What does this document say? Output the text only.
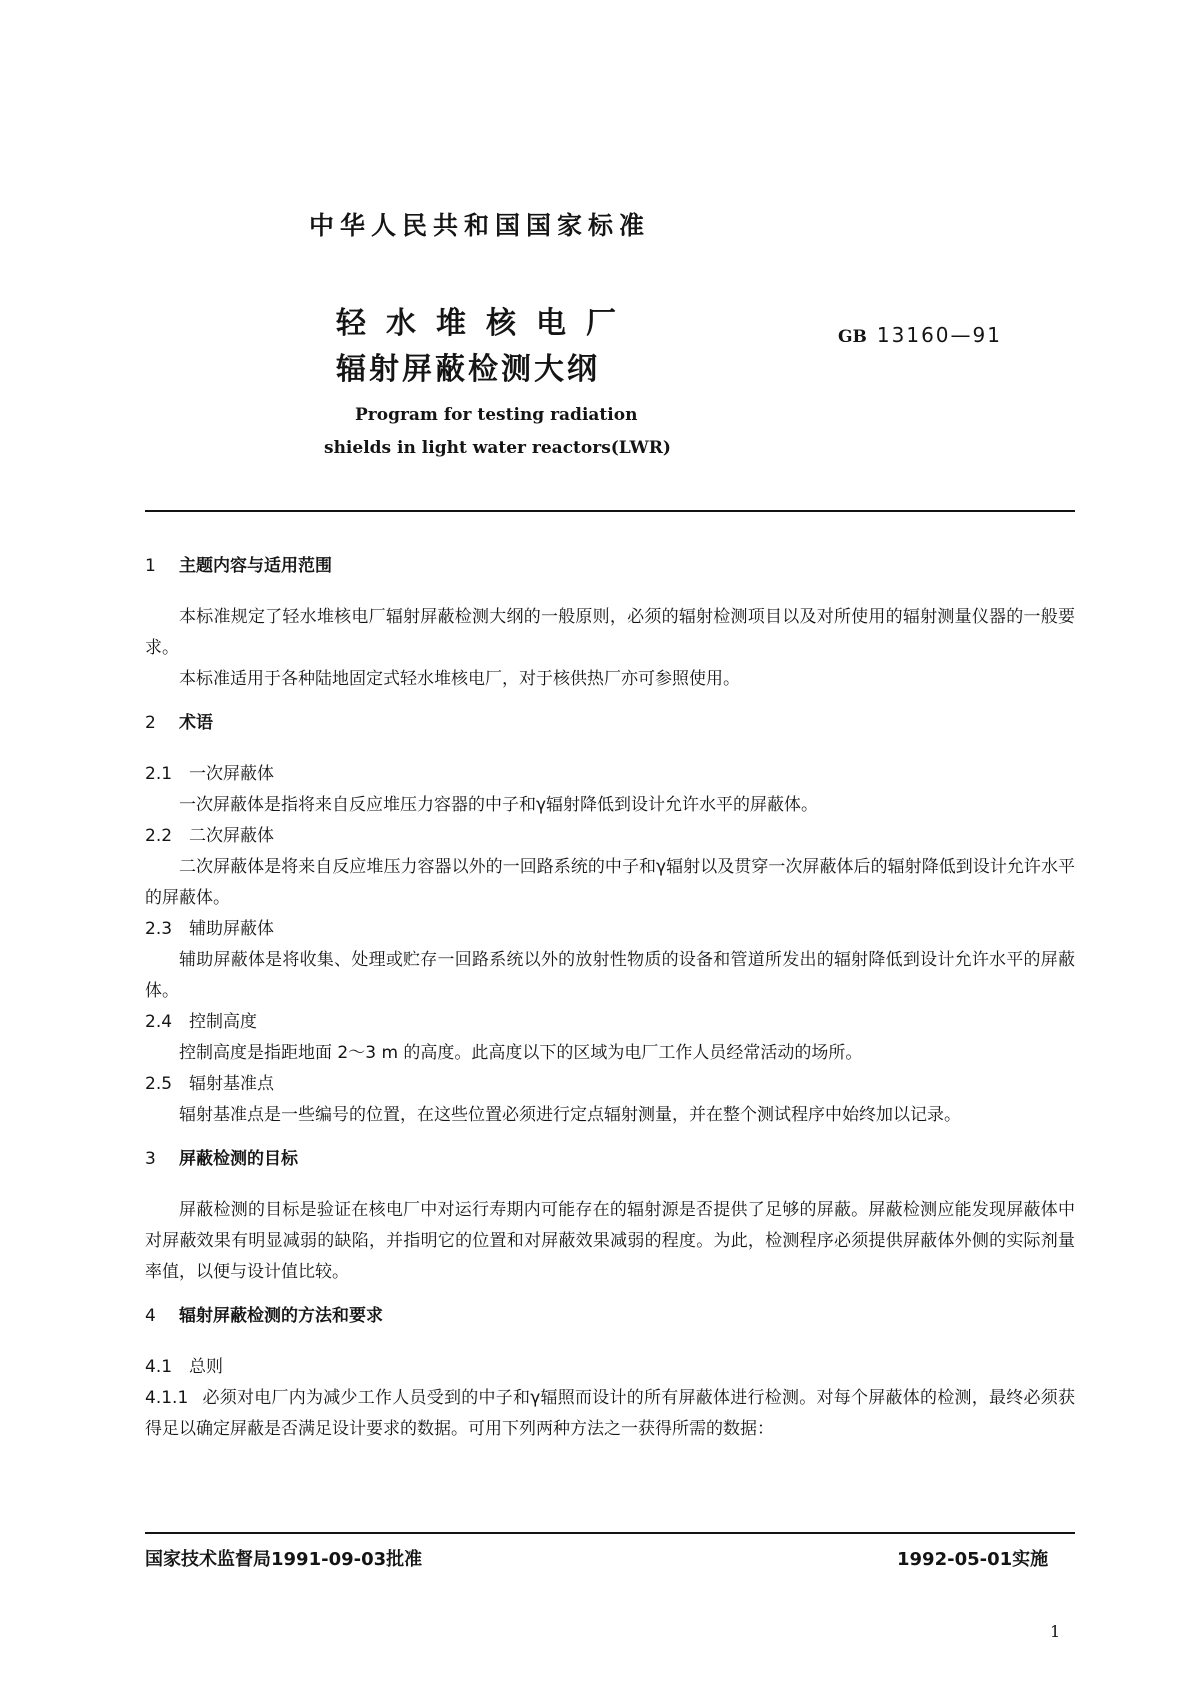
中华人民共和国国家标准
轻水堆核电厂
辐射屏蔽检测大纲
GB 13160—91
Program for testing radiation
shields in light water reactors(LWR)
1 主题内容与适用范围

本标准规定了轻水堆核电厂辐射屏蔽检测大纲的一般原则，必须的辐射检测项目以及对所使用的辐射测量仪器的一般要求。

本标准适用于各种陆地固定式轻水堆核电厂，对于核供热厂亦可参照使用。

2 术语
2.1 一次屏蔽体

一次屏蔽体是指将来自反应堆压力容器的中子和γ辐射降低到设计允许水平的屏蔽体。

2.2 二次屏蔽体

二次屏蔽体是将来自反应堆压力容器以外的一回路系统的中子和γ辐射以及贯穿一次屏蔽体后的辐射降低到设计允许水平的屏蔽体。

2.3 辅助屏蔽体

辅助屏蔽体是将收集、处理或贮存一回路系统以外的放射性物质的设备和管道所发出的辐射降低到设计允许水平的屏蔽体。

2.4 控制高度

控制高度是指距地面 2～3 m 的高度。此高度以下的区域为电厂工作人员经常活动的场所。

2.5 辐射基准点

辐射基准点是一些编号的位置，在这些位置必须进行定点辐射测量，并在整个测试程序中始终加以记录。

3 屏蔽检测的目标

屏蔽检测的目标是验证在核电厂中对运行寿期内可能存在的辐射源是否提供了足够的屏蔽。屏蔽检测应能发现屏蔽体中对屏蔽效果有明显减弱的缺陷，并指明它的位置和对屏蔽效果减弱的程度。为此，检测程序必须提供屏蔽体外侧的实际剂量率值，以便与设计值比较。

4 辐射屏蔽检测的方法和要求
4.1 总则

4.1.1 必须对电厂内为减少工作人员受到的中子和γ辐照而设计的所有屏蔽体进行检测。对每个屏蔽体的检测，最终必须获得足以确定屏蔽是否满足设计要求的数据。可用下列两种方法之一获得所需的数据：

国家技术监督局1991-09-03批准	1992-05-01实施
1
